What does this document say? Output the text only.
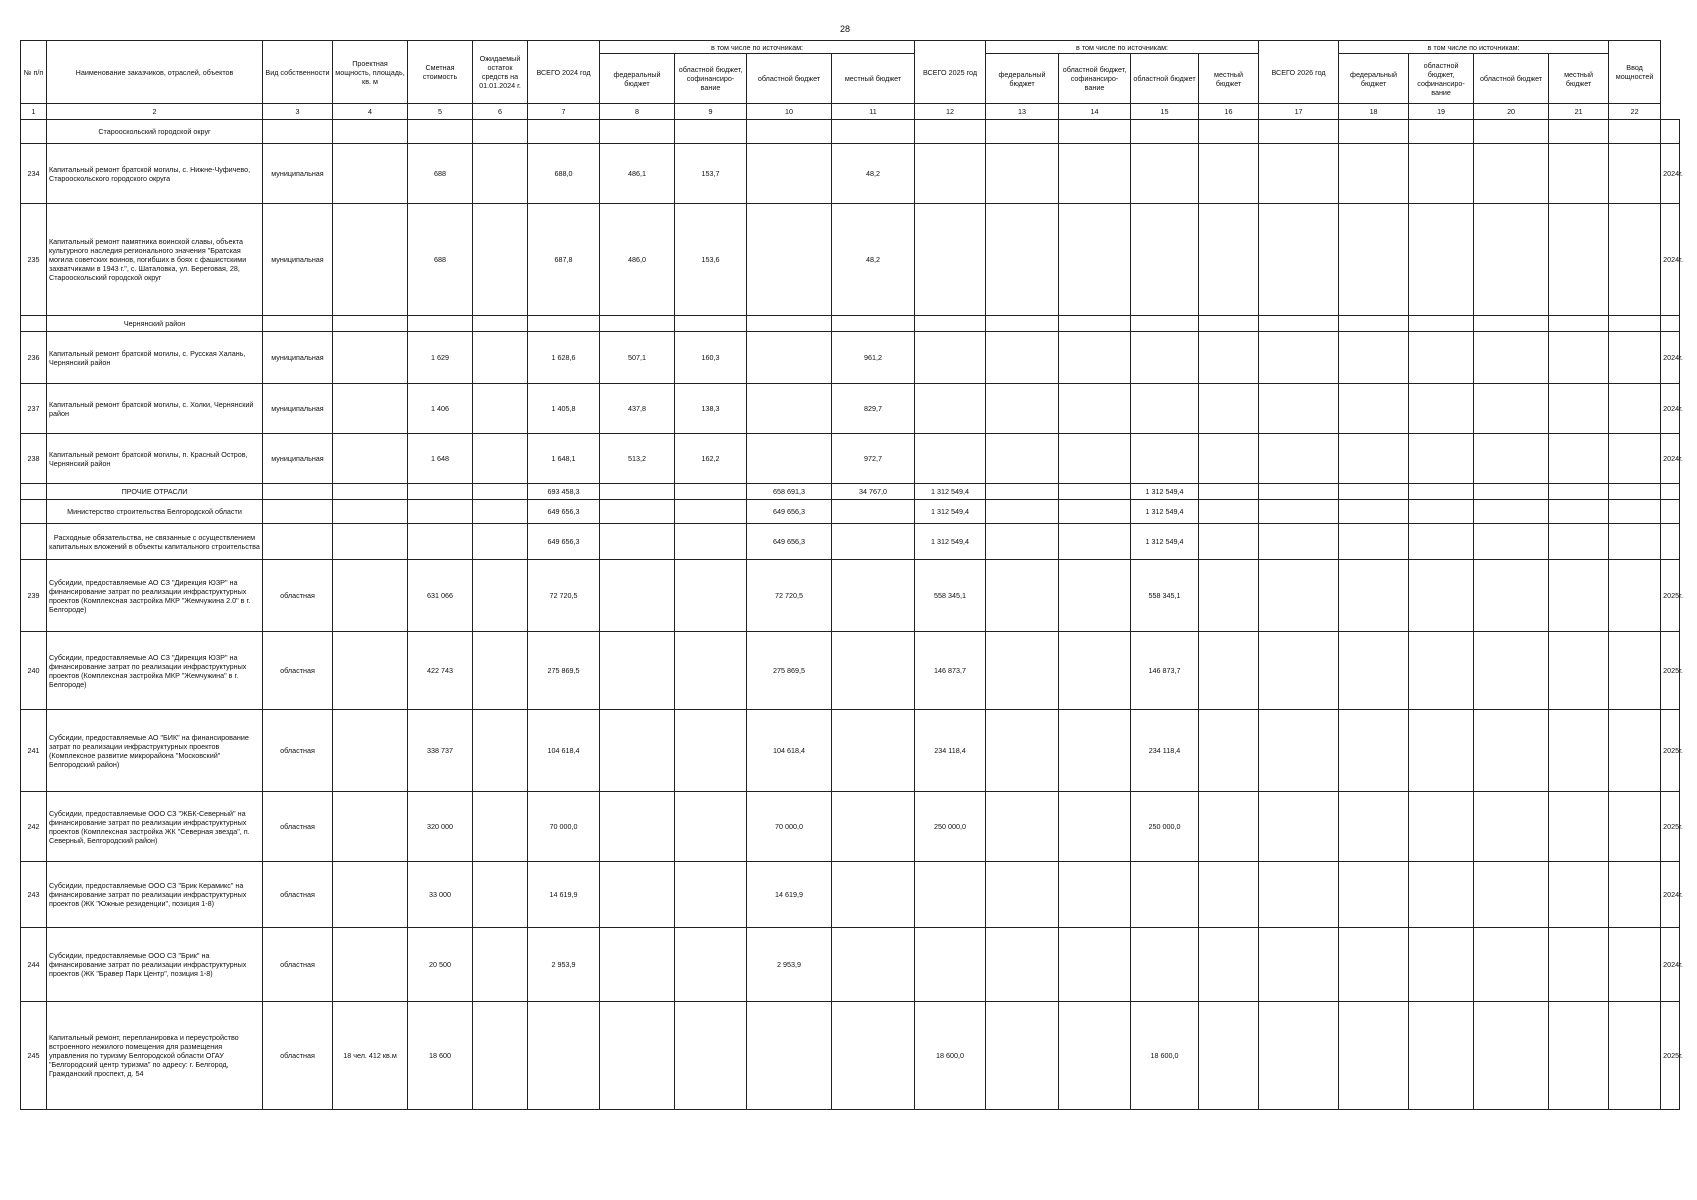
28
№ п/п	Наименование заказчиков, отраслей, объектов	Вид собственности	Проектная мощность, площадь, кв. м	Сметная стоимость	Ожидаемый остаток средств на 01.01.2024 г.	ВСЕГО 2024 год	в том числе по источникам:				ВСЕГО 2025 год	в том числе по источникам:				ВСЕГО 2026 год	в том числе по источникам:				Ввод мощностей	
							федеральный бюджет	областной бюджет, софинансиро-вание	областной бюджет	местный бюджет		федеральный бюджет	областной бюджет, софинансиро-вание	областной бюджет	местный бюджет		федеральный бюджет	областной бюджет, софинансиро-вание	областной бюджет	местный бюджет		
1	2	3	4	5	6	7	8	9	10	11	12	13	14	15	16	17	18	19	20	21	22	
	Старооскольский городской округ																					
234	Капитальный ремонт братской могилы, с. Нижне-Чуфичево, Старооскольского городского округа	муниципальная		688		688,0	486,1	153,7		48,2												2024г.
235	Капитальный ремонт памятника воинской славы, объекта культурного наследия регионального значения "Братская могила советских воинов, погибших в боях с фашистскими захватчиками в 1943 г.", с. Шаталовка, ул. Береговая, 28, Старооскольский городской округ	муниципальная		688		687,8	486,0	153,6		48,2												2024г.
	Чернянский район																					
236	Капитальный ремонт братской могилы, с. Русская Халань, Чернянский район	муниципальная		1 629		1 628,6	507,1	160,3		961,2												2024г.
237	Капитальный ремонт братской могилы, с. Холки, Чернянский район	муниципальная		1 406		1 405,8	437,8	138,3		829,7												2024г.
238	Капитальный ремонт братской могилы, п. Красный Остров, Чернянский район	муниципальная		1 648		1 648,1	513,2	162,2		972,7												2024г.
	ПРОЧИЕ ОТРАСЛИ					693 458,3			658 691,3	34 767,0	1 312 549,4			1 312 549,4								
	Министерство строительства Белгородской области					649 656,3			649 656,3		1 312 549,4			1 312 549,4								
	Расходные обязательства, не связанные с осуществлением капитальных вложений в объекты капитального строительства					649 656,3			649 656,3		1 312 549,4			1 312 549,4								
239	Субсидии, предоставляемые АО СЗ "Дирекция ЮЗР" на финансирование затрат по реализации инфраструктурных проектов (Комплексная застройка МКР "Жемчужина 2.0" в г. Белгороде)	областная		631 066		72 720,5			72 720,5		558 345,1			558 345,1								2025г.
240	Субсидии, предоставляемые АО СЗ "Дирекция ЮЗР" на финансирование затрат по реализации инфраструктурных проектов (Комплексная застройка МКР "Жемчужина" в г. Белгороде)	областная		422 743		275 869,5			275 869,5		146 873,7			146 873,7								2025г.
241	Субсидии, предоставляемые АО "БИК" на финансирование затрат по реализации инфраструктурных проектов (Комплексное развитие микрорайона "Московский" Белгородский район)	областная		338 737		104 618,4			104 618,4		234 118,4			234 118,4								2025г.
242	Субсидии, предоставляемые ООО СЗ "ЖБК-Северный" на финансирование затрат по реализации инфраструктурных проектов (Комплексная застройка ЖК "Северная звезда", п. Северный, Белгородский район)	областная		320 000		70 000,0			70 000,0		250 000,0			250 000,0								2025г.
243	Субсидии, предоставляемые ООО СЗ "Брик Керамикс" на финансирование затрат по реализации инфраструктурных проектов (ЖК "Южные резиденции", позиция 1-8)	областная		33 000		14 619,9			14 619,9													2024г.
244	Субсидии, предоставляемые ООО СЗ "Брик" на финансирование затрат по реализации инфраструктурных проектов (ЖК "Бравер Парк Центр", позиция 1-8)	областная		20 500		2 953,9			2 953,9													2024г.
245	Капитальный ремонт, перепланировка и переустройство встроенного нежилого помещения для размещения управления по туризму Белгородской области ОГАУ "Белгородский центр туризма" по адресу: г. Белгород, Гражданский проспект, д. 54	областная	18 чел. 412 кв.м	18 600							18 600,0			18 600,0								2025г.
